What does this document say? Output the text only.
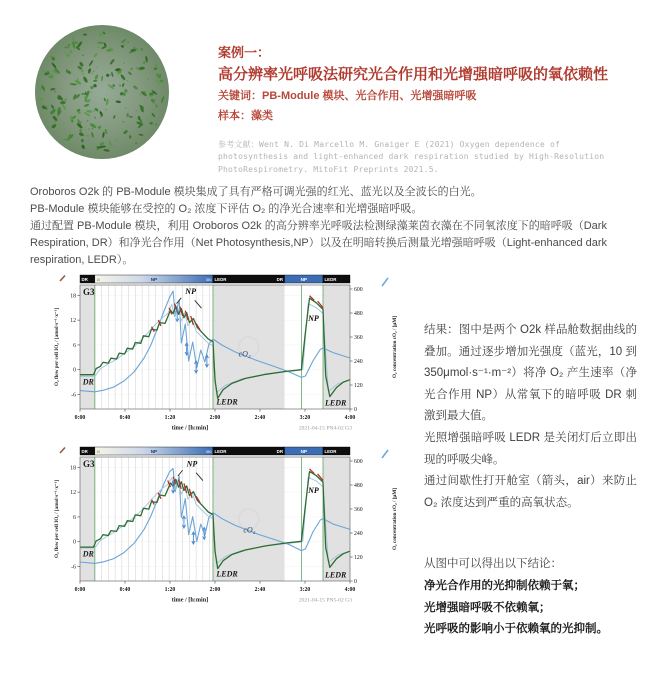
案例一：
高分辨率光呼吸法研究光合作用和光增强暗呼吸的氧依赖性
关键词：PB-Module 模块、光合作用、光增强暗呼吸
样本：藻类
参考文献：Went N. Di Marcello M. Gnaiger E (2021) Oxygen dependence of photosynthesis and light-enhanced dark respiration studied by High-Resolution PhotoRespirometry. MitoFit Preprints 2021.5.

Oroboros O2k 的 PB-Module 模块集成了具有严格可调光强的红光、蓝光以及全波长的白光。

PB-Module 模块能够在受控的 O₂ 浓度下评估 O₂ 的净光合速率和光增强暗呼吸。

通过配置 PB-Module 模块，利用 Oroboros O2k 的高分辨率光呼吸法检测绿藻莱茵衣藻在不同氧浓度下的暗呼吸（Dark Respiration, DR）和净光合作用（Net Photosynthesis,NP）以及在明暗转换后测量光增强暗呼吸（Light-enhanced dark respiration, LEDR）。

DR	NP
10	350 LEDR	DR	NP	LEDR
0:00	0:40	1:20	2:00	2:40	3:20	4:00
18
12
6
0
-6
600
480
360
240
120
0
O₂ flow per cell IO₂ / [amol·s⁻¹·x⁻¹]	O₂ concentration cO₂ / [μM]
time / [h:min]	2021-04-15 PN4-02 G3
G3	NP
NP
DR
LEDR	LEDR
cO₂
DR	NP
10	350 LEDR	DR	NP	LEDR
0:00	0:40	1:20	2:00	2:40	3:20	4:00
18
12
6
0
-6
600
480
360
240
120
0
O₂ flow per cell IO₂ / [amol·s⁻¹·x⁻¹]	O₂ concentration cO₂ / [μM]
time / [h:min]	2021-04-15 PN5-02 G3
G3	NP
NP
DR
LEDR	LEDR
cO₂

结果：图中是两个 O2k 样品舱数据曲线的叠加。通过逐步增加光强度（蓝光，10 到 350μmol·s⁻¹·m⁻²）将净 O₂ 产生速率（净光合作用 NP）从常氧下的暗呼吸 DR 刺激到最大值。

光照增强暗呼吸 LEDR 是关闭灯后立即出现的呼吸尖峰。

通过间歇性打开舱室（箭头，air）来防止 O₂ 浓度达到严重的高氧状态。

从图中可以得出以下结论：

净光合作用的光抑制依赖于氧；

光增强暗呼吸不依赖氧；

光呼吸的影响小于依赖氧的光抑制。
